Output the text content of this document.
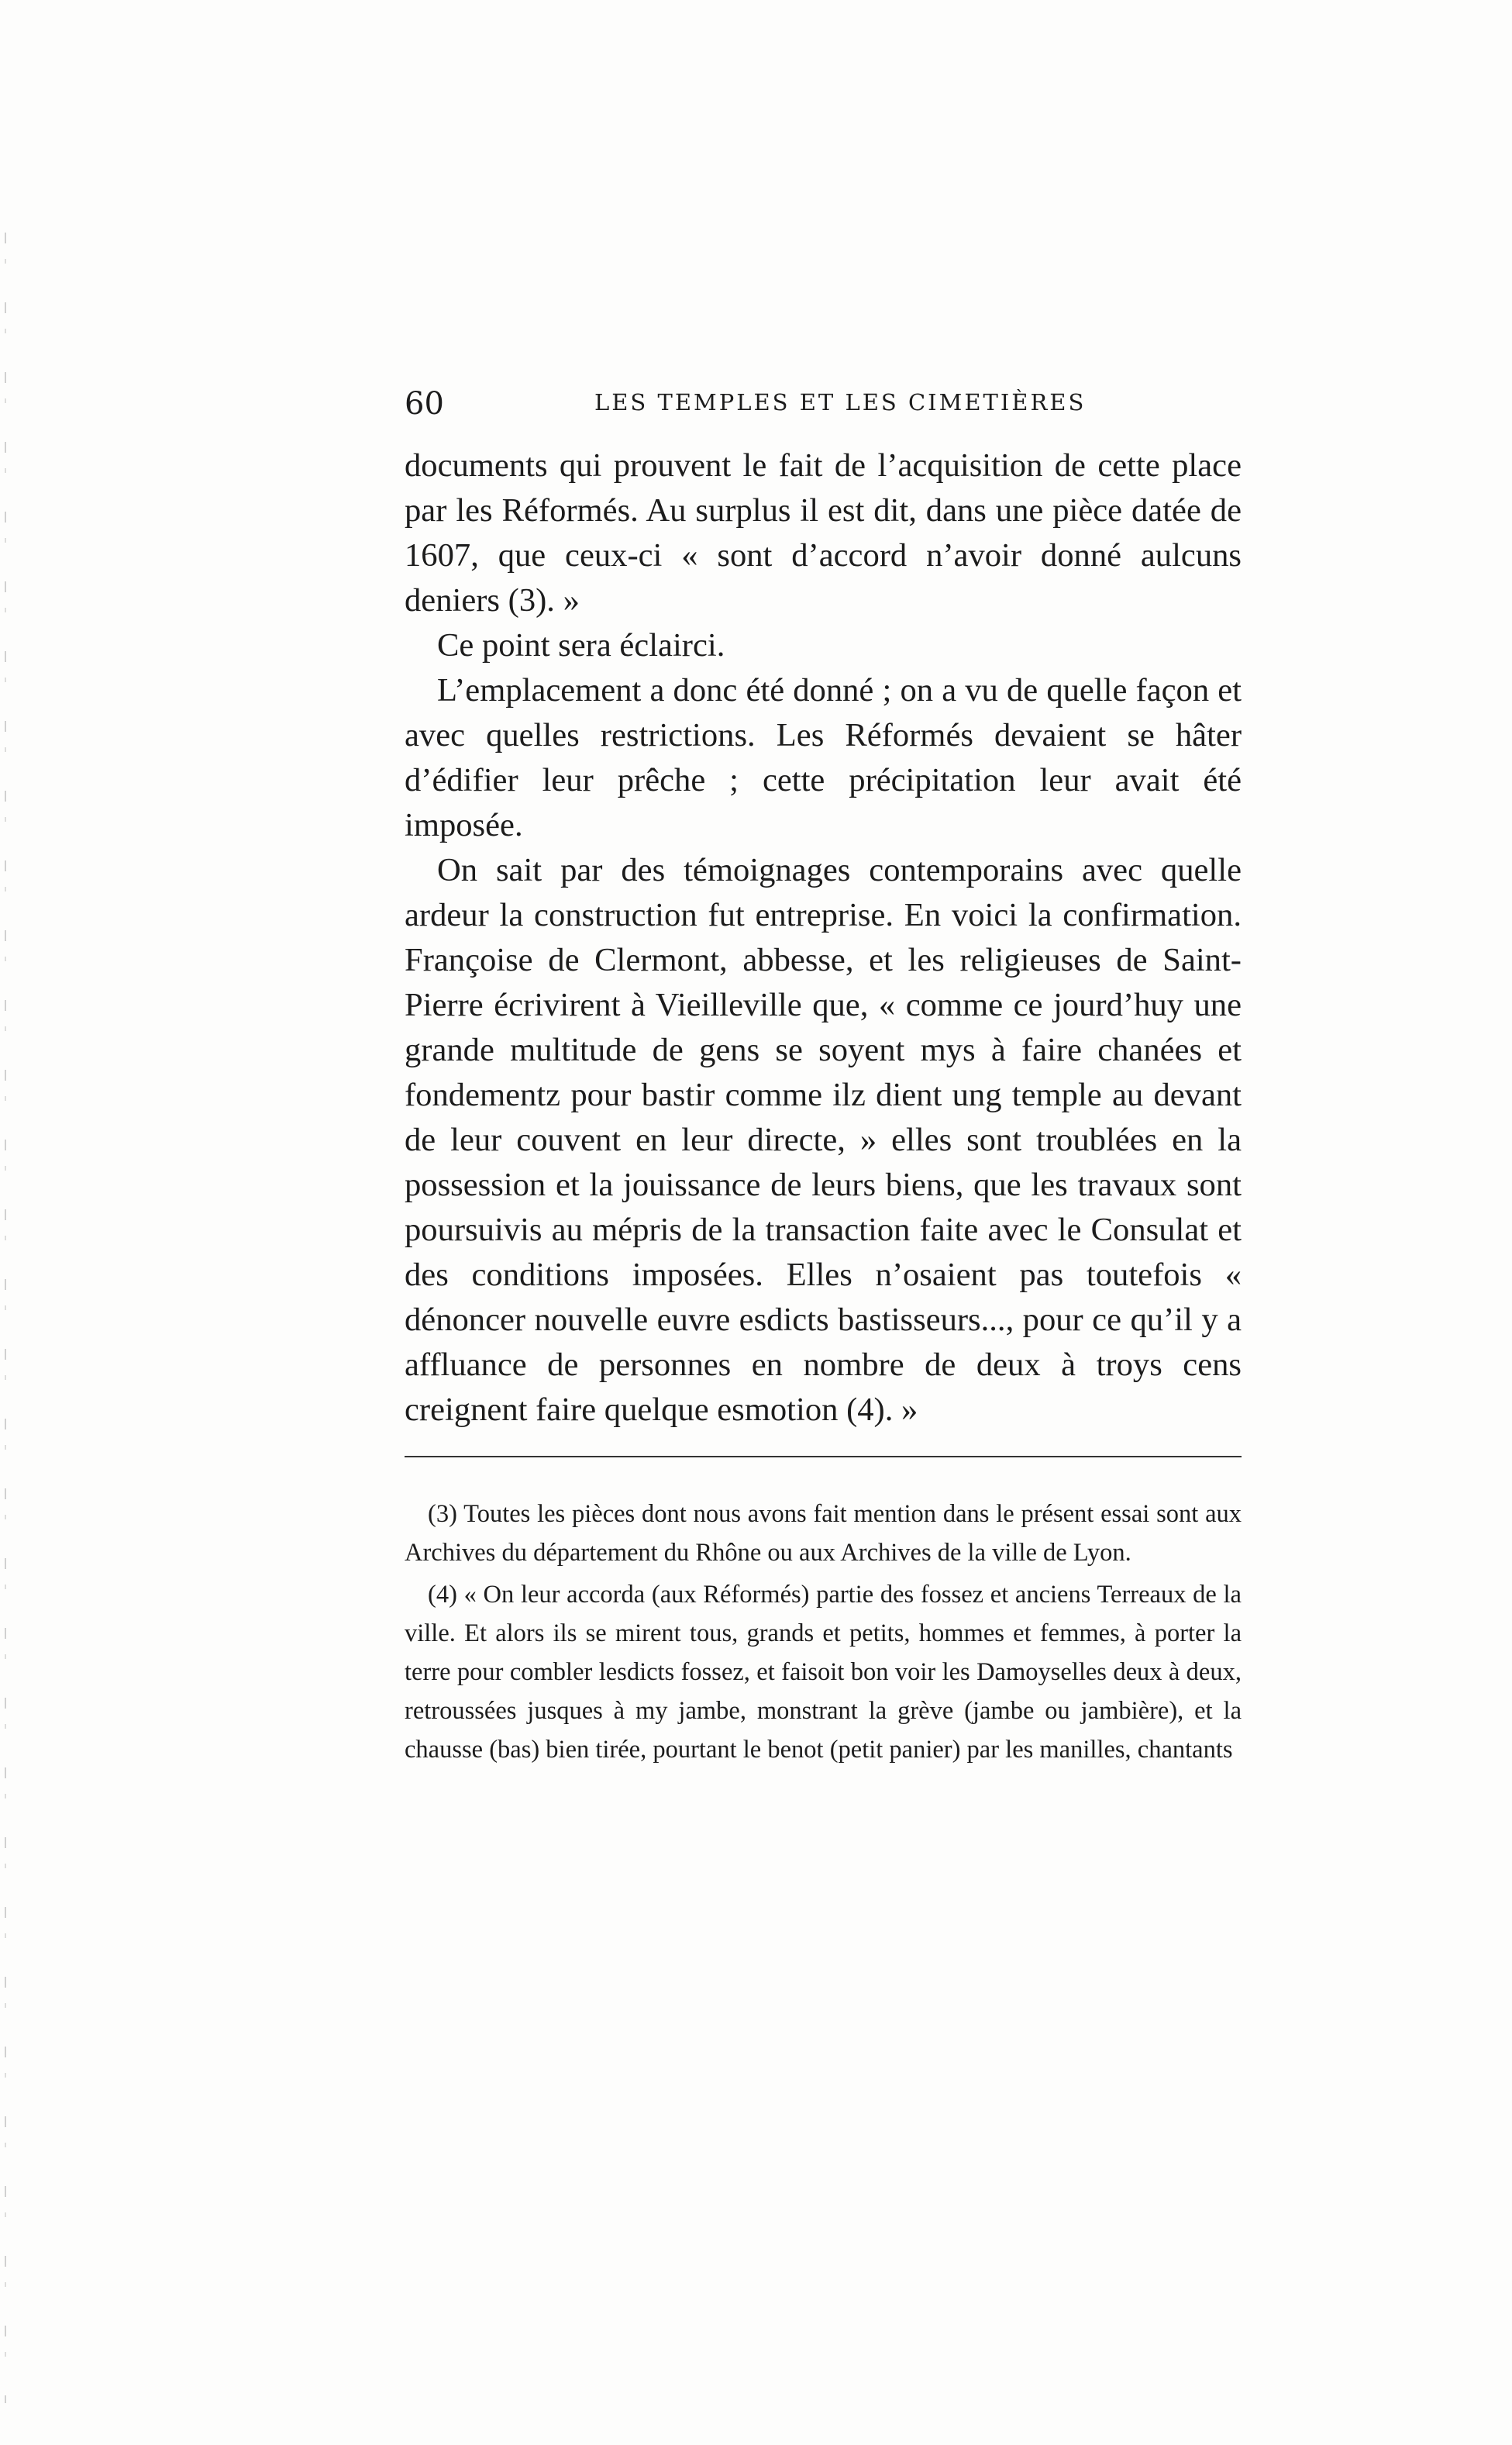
60	LES TEMPLES ET LES CIMETIÈRES

documents qui prouvent le fait de l’acquisition de cette place par les Réformés. Au surplus il est dit, dans une pièce datée de 1607, que ceux-ci « sont d’accord n’avoir donné aulcuns deniers (3). »

Ce point sera éclairci.

L’emplacement a donc été donné ; on a vu de quelle façon et avec quelles restrictions. Les Réformés devaient se hâter d’édifier leur prêche ; cette précipitation leur avait été imposée.

On sait par des témoignages contemporains avec quelle ardeur la construction fut entreprise. En voici la confirmation. Françoise de Clermont, abbesse, et les religieuses de Saint-Pierre écrivirent à Vieilleville que, « comme ce jourd’huy une grande multitude de gens se soyent mys à faire chanées et fondementz pour bastir comme ilz dient ung temple au devant de leur couvent en leur directe, » elles sont troublées en la possession et la jouissance de leurs biens, que les travaux sont poursuivis au mépris de la transaction faite avec le Consulat et des conditions imposées. Elles n’osaient pas toutefois « dénoncer nouvelle euvre esdicts bastisseurs..., pour ce qu’il y a affluance de personnes en nombre de deux à troys cens creignent faire quelque esmotion (4). »

(3) Toutes les pièces dont nous avons fait mention dans le présent essai sont aux Archives du département du Rhône ou aux Archives de la ville de Lyon.

(4) « On leur accorda (aux Réformés) partie des fossez et anciens Terreaux de la ville. Et alors ils se mirent tous, grands et petits, hommes et femmes, à porter la terre pour combler lesdicts fossez, et faisoit bon voir les Damoyselles deux à deux, retroussées jusques à my jambe, monstrant la grève (jambe ou jambière), et la chausse (bas) bien tirée, pourtant le benot (petit panier) par les manilles, chantants
